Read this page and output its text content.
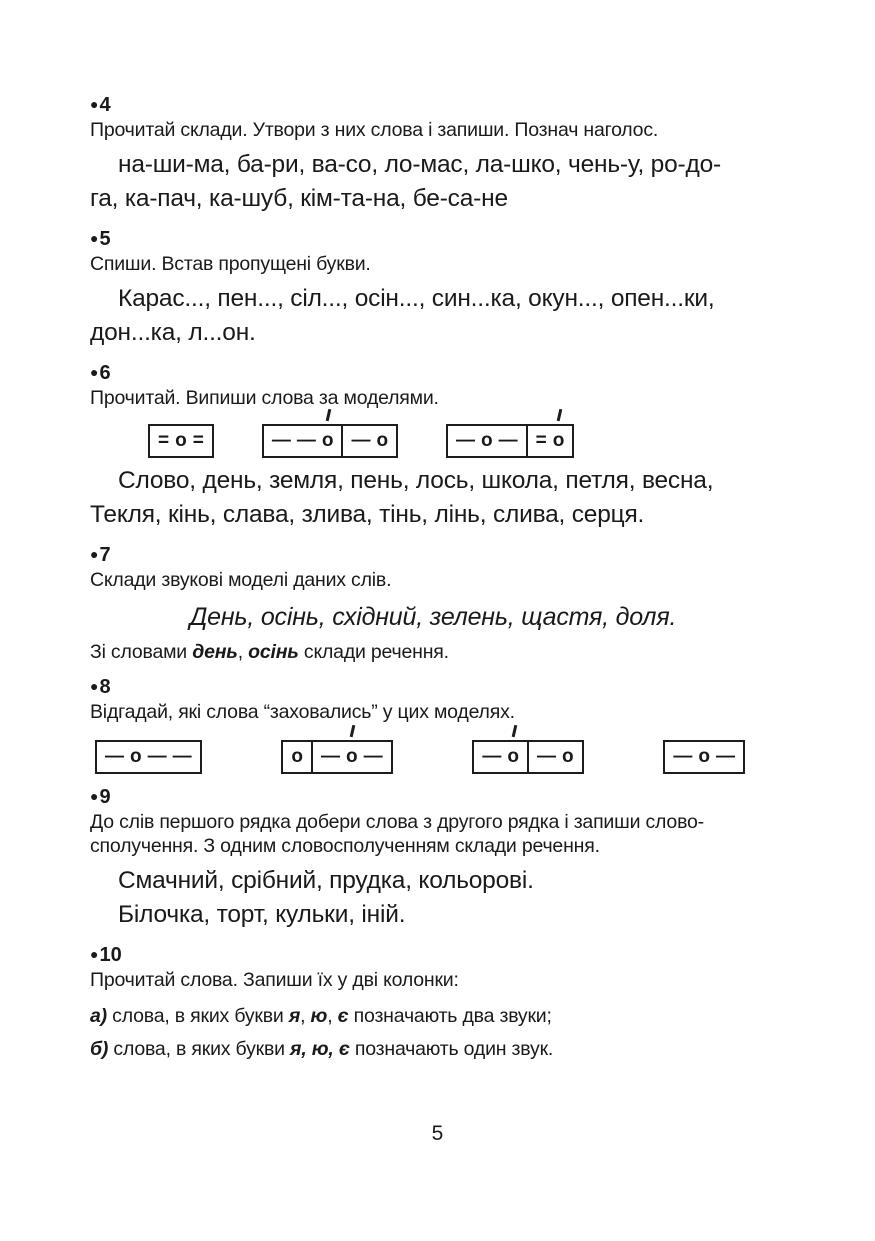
● 4
Прочитай склади. Утвори з них слова і запиши. Познач наголос.
на-ши-ма, ба-ри, ва-со, ло-мас, ла-шко, чень-у, ро-до-
га, ка-пач, ка-шуб, кім-та-на, бе-са-не
● 5
Спиши. Встав пропущені букви.
Карас..., пен..., сіл..., осін..., син...ка, окун..., опен...ки,
дон...ка, л...он.
● 6
Прочитай. Випиши слова за моделями.
= о =	— — о — о	— о — = о
Слово, день, земля, пень, лось, школа, петля, весна,
Текля, кінь, слава, злива, тінь, лінь, слива, серця.
● 7
Склади звукові моделі даних слів.
День, осінь, східний, зелень, щастя, доля.
Зі словами день, осінь склади речення.
● 8
Відгадай, які слова “заховались” у цих моделях.
— о — —	о — о —	— о — о	— о —
● 9
До слів першого рядка добери слова з другого рядка і запиши слово-
сполучення. З одним словосполученням склади речення.
Смачний, срібний, прудка, кольорові.
Білочка, торт, кульки, іній.
● 10
Прочитай слова. Запиши їх у дві колонки:
а) слова, в яких букви я, ю, є позначають два звуки;
б) слова, в яких букви я, ю, є позначають один звук.
5
